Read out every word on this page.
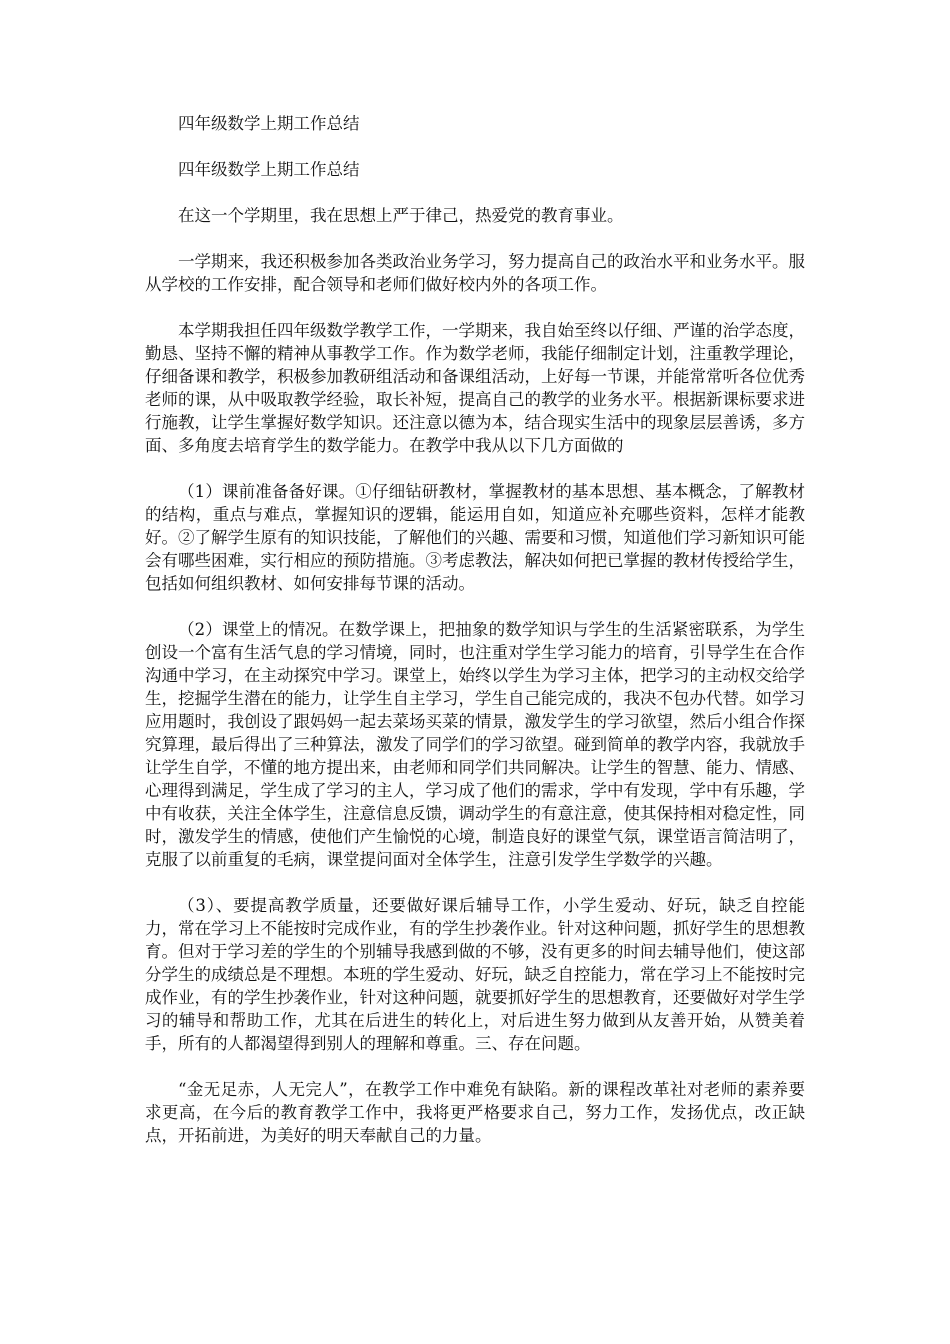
四年级数学上期工作总结

四年级数学上期工作总结

在这一个学期里，我在思想上严于律己，热爱党的教育事业。

一学期来，我还积极参加各类政治业务学习，努力提高自己的政治水平和业务水平。服从学校的工作安排，配合领导和老师们做好校内外的各项工作。

本学期我担任四年级数学教学工作，一学期来，我自始至终以仔细、严谨的治学态度，勤恳、坚持不懈的精神从事教学工作。作为数学老师，我能仔细制定计划，注重教学理论，仔细备课和教学，积极参加教研组活动和备课组活动，上好每一节课，并能常常听各位优秀老师的课，从中吸取教学经验，取长补短，提高自己的教学的业务水平。根据新课标要求进行施教，让学生掌握好数学知识。还注意以德为本，结合现实生活中的现象层层善诱，多方面、多角度去培育学生的数学能力。在教学中我从以下几方面做的

（1）课前准备备好课。①仔细钻研教材，掌握教材的基本思想、基本概念，了解教材的结构，重点与难点，掌握知识的逻辑，能运用自如，知道应补充哪些资料，怎样才能教好。②了解学生原有的知识技能，了解他们的兴趣、需要和习惯，知道他们学习新知识可能会有哪些困难，实行相应的预防措施。③考虑教法，解决如何把已掌握的教材传授给学生，包括如何组织教材、如何安排每节课的活动。

（2）课堂上的情况。在数学课上，把抽象的数学知识与学生的生活紧密联系，为学生创设一个富有生活气息的学习情境，同时，也注重对学生学习能力的培育，引导学生在合作沟通中学习，在主动探究中学习。课堂上，始终以学生为学习主体，把学习的主动权交给学生，挖掘学生潜在的能力，让学生自主学习，学生自己能完成的，我决不包办代替。如学习应用题时，我创设了跟妈妈一起去菜场买菜的情景，激发学生的学习欲望，然后小组合作探究算理，最后得出了三种算法，激发了同学们的学习欲望。碰到简单的教学内容，我就放手让学生自学，不懂的地方提出来，由老师和同学们共同解决。让学生的智慧、能力、情感、心理得到满足，学生成了学习的主人，学习成了他们的需求，学中有发现，学中有乐趣，学中有收获，关注全体学生，注意信息反馈，调动学生的有意注意，使其保持相对稳定性，同时，激发学生的情感，使他们产生愉悦的心境，制造良好的课堂气氛，课堂语言简洁明了，克服了以前重复的毛病，课堂提问面对全体学生，注意引发学生学数学的兴趣。

（3）、要提高教学质量，还要做好课后辅导工作，小学生爱动、好玩，缺乏自控能力，常在学习上不能按时完成作业，有的学生抄袭作业。针对这种问题，抓好学生的思想教育。但对于学习差的学生的个别辅导我感到做的不够，没有更多的时间去辅导他们，使这部分学生的成绩总是不理想。本班的学生爱动、好玩，缺乏自控能力，常在学习上不能按时完成作业，有的学生抄袭作业，针对这种问题，就要抓好学生的思想教育，还要做好对学生学习的辅导和帮助工作，尤其在后进生的转化上，对后进生努力做到从友善开始，从赞美着手，所有的人都渴望得到别人的理解和尊重。三、存在问题。

“金无足赤，人无完人”，在教学工作中难免有缺陷。新的课程改革社对老师的素养要求更高，在今后的教育教学工作中，我将更严格要求自己，努力工作，发扬优点，改正缺点，开拓前进，为美好的明天奉献自己的力量。
